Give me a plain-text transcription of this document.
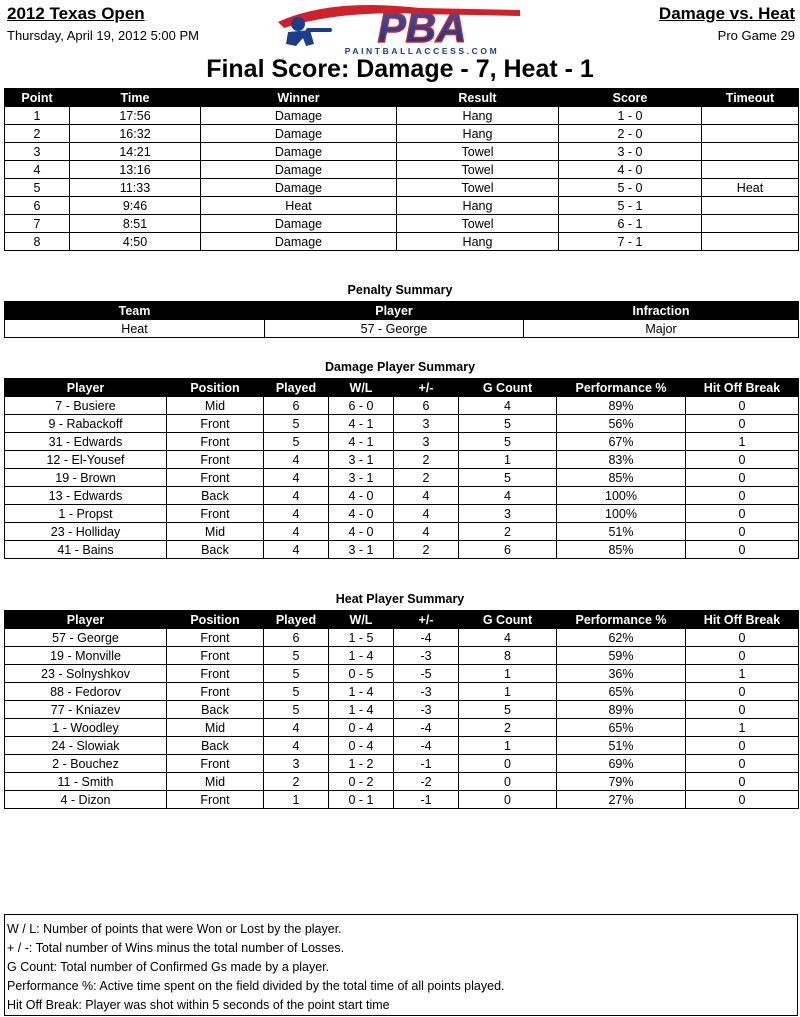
2012 Texas Open
Thursday, April 19, 2012 5:00 PM	PBA
PAINTBALLACCESS.COM
Damage vs. Heat
Pro Game 29
Final Score: Damage - 7, Heat - 1
Point	Time	Winner	Result	Score	Timeout
1	17:56	Damage	Hang	1 - 0	
2	16:32	Damage	Hang	2 - 0	
3	14:21	Damage	Towel	3 - 0	
4	13:16	Damage	Towel	4 - 0	
5	11:33	Damage	Towel	5 - 0	Heat
6	9:46	Heat	Hang	5 - 1	
7	8:51	Damage	Towel	6 - 1	
8	4:50	Damage	Hang	7 - 1	
Penalty Summary
Team	Player	Infraction
Heat	57 - George	Major
Damage Player Summary
Player	Position	Played	W/L	+/-	G Count	Performance %	Hit Off Break
7 - Busiere	Mid	6	6 - 0	6	4	89%	0
9 - Rabackoff	Front	5	4 - 1	3	5	56%	0
31 - Edwards	Front	5	4 - 1	3	5	67%	1
12 - El-Yousef	Front	4	3 - 1	2	1	83%	0
19 - Brown	Front	4	3 - 1	2	5	85%	0
13 - Edwards	Back	4	4 - 0	4	4	100%	0
1 - Propst	Front	4	4 - 0	4	3	100%	0
23 - Holliday	Mid	4	4 - 0	4	2	51%	0
41 - Bains	Back	4	3 - 1	2	6	85%	0
Heat Player Summary
Player	Position	Played	W/L	+/-	G Count	Performance %	Hit Off Break
57 - George	Front	6	1 - 5	-4	4	62%	0
19 - Monville	Front	5	1 - 4	-3	8	59%	0
23 - Solnyshkov	Front	5	0 - 5	-5	1	36%	1
88 - Fedorov	Front	5	1 - 4	-3	1	65%	0
77 - Kniazev	Back	5	1 - 4	-3	5	89%	0
1 - Woodley	Mid	4	0 - 4	-4	2	65%	1
24 - Slowiak	Back	4	0 - 4	-4	1	51%	0
2 - Bouchez	Front	3	1 - 2	-1	0	69%	0
11 - Smith	Mid	2	0 - 2	-2	0	79%	0
4 - Dizon	Front	1	0 - 1	-1	0	27%	0
W / L: Number of points that were Won or Lost by the player.
+ / -: Total number of Wins minus the total number of Losses.
G Count: Total number of Confirmed Gs made by a player.
Performance %: Active time spent on the field divided by the total time of all points played.
Hit Off Break: Player was shot within 5 seconds of the point start time
